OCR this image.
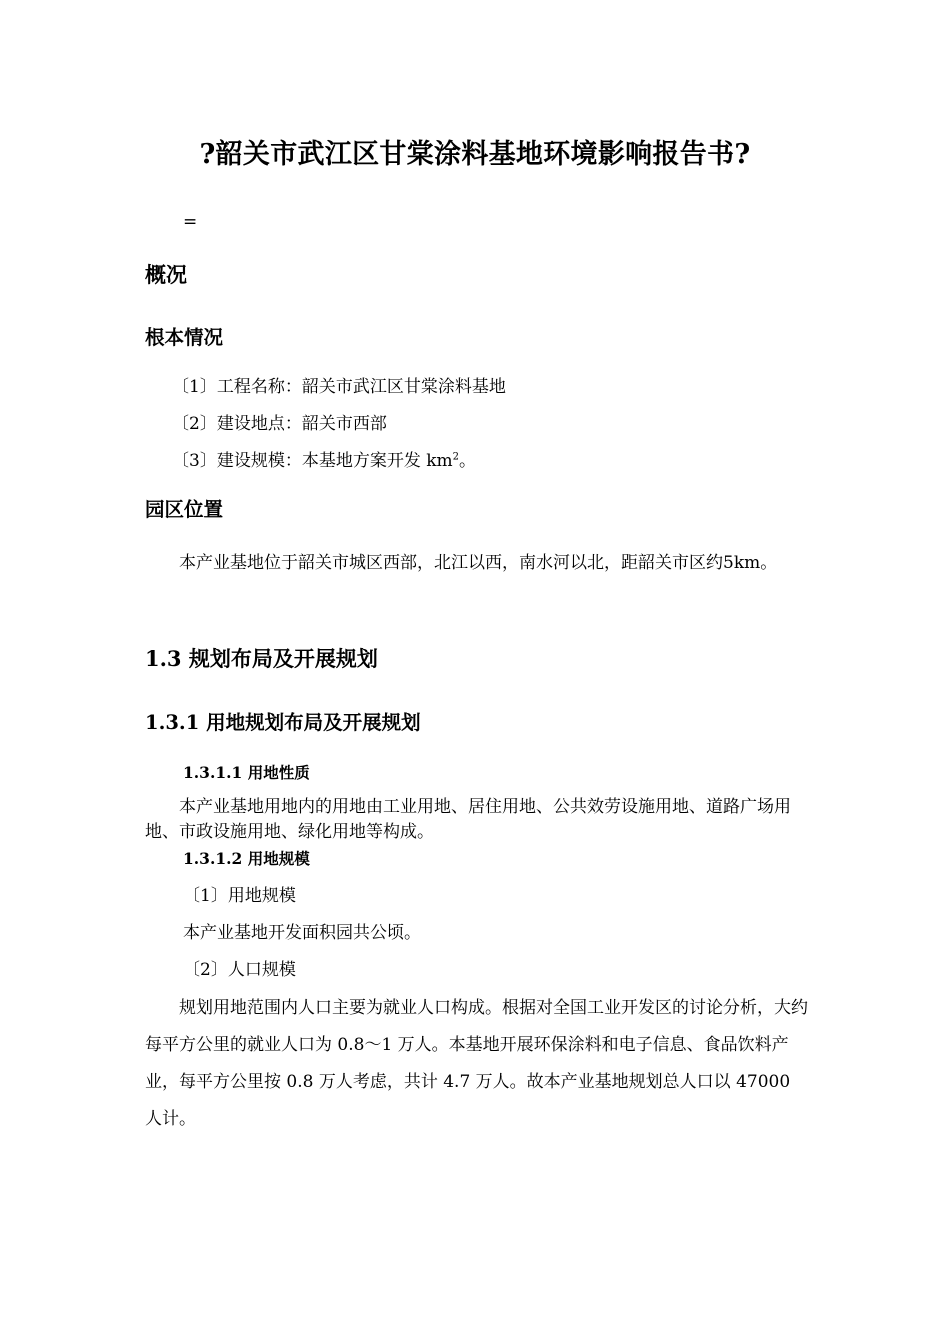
?韶关市武江区甘棠涂料基地环境影响报告书?
=
概况
根本情况
〔1〕工程名称：韶关市武江区甘棠涂料基地
〔2〕建设地点：韶关市西部
〔3〕建设规模：本基地方案开发 $km^2$。
园区位置
本产业基地位于韶关市城区西部，北江以西，南水河以北，距韶关市区约5km。
1.3 规划布局及开展规划
1.3.1 用地规划布局及开展规划
1.3.1.1 用地性质
本产业基地用地内的用地由工业用地、居住用地、公共效劳设施用地、道路广场用地、市政设施用地、绿化用地等构成。
1.3.1.2 用地规模
〔1〕用地规模
本产业基地开发面积园共公顷。
〔2〕人口规模
规划用地范围内人口主要为就业人口构成。根据对全国工业开发区的讨论分析，大约每平方公里的就业人口为 0.8～1 万人。本基地开展环保涂料和电子信息、食品饮料产业，每平方公里按 0.8 万人考虑，共计 4.7 万人。故本产业基地规划总人口以 47000 人计。
